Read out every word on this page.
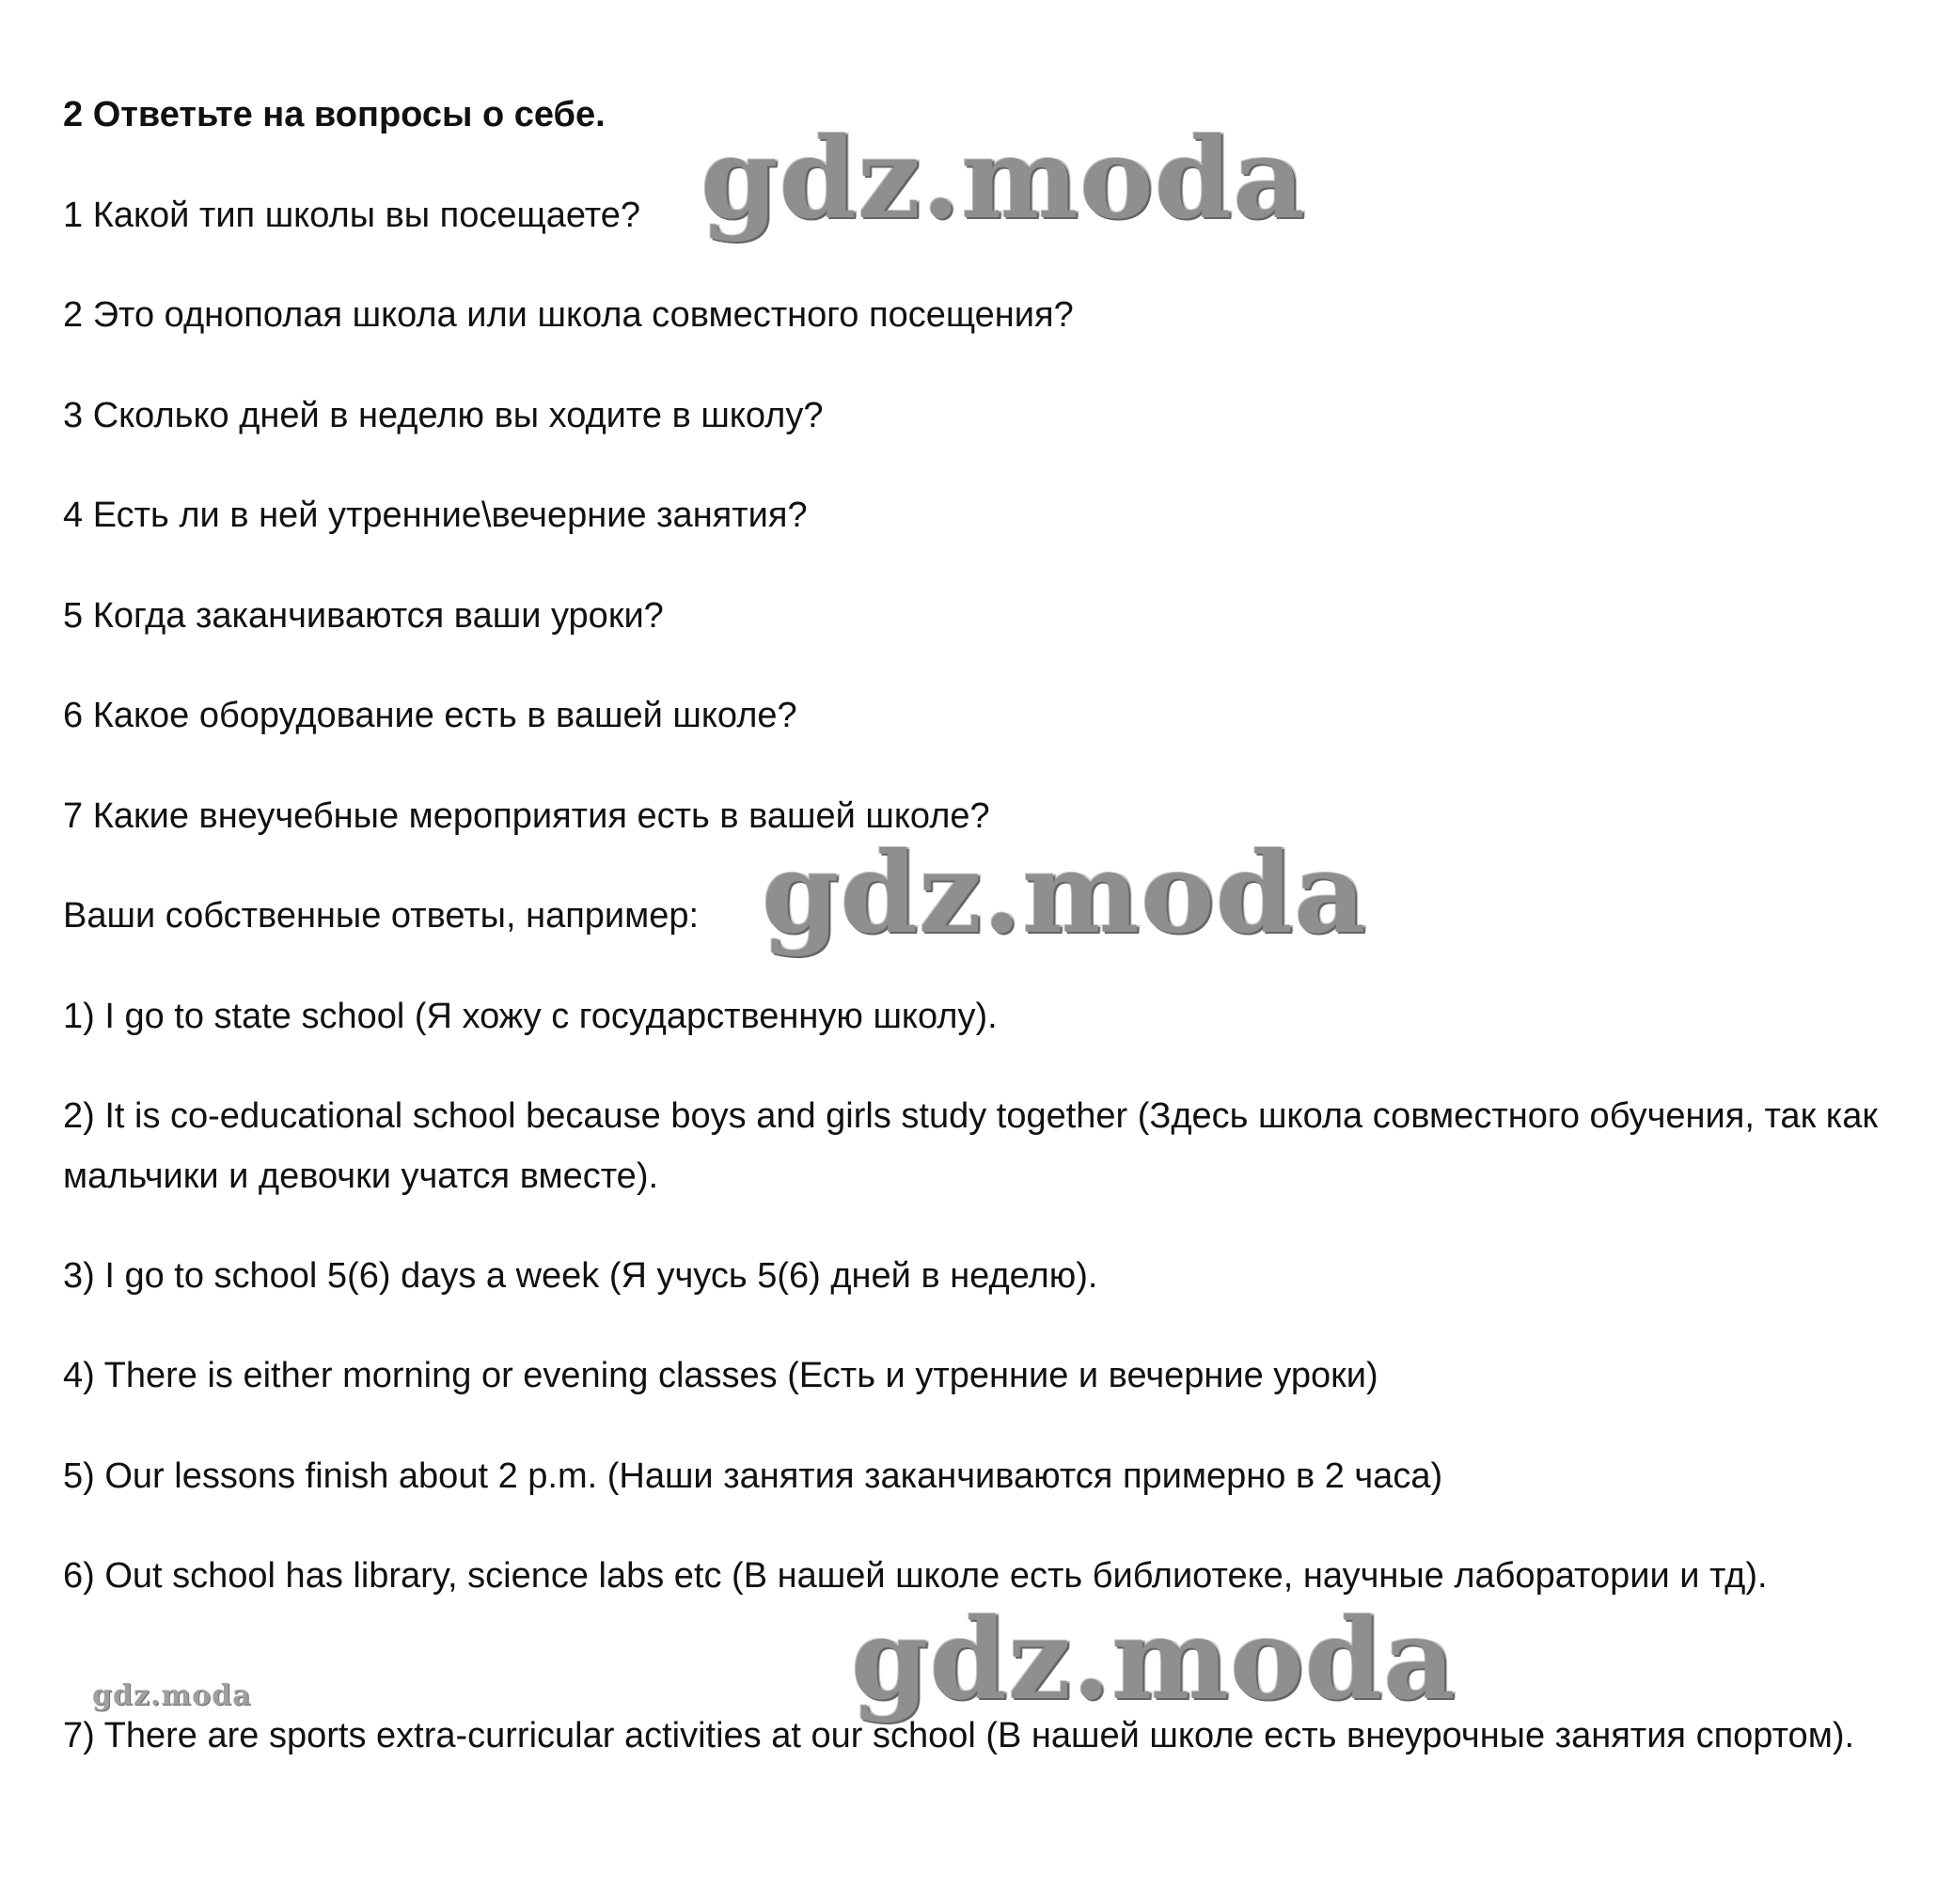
2 Ответьте на вопросы о себе.
1 Какой тип школы вы посещаете?
2 Это однополая школа или школа совместного посещения?
3 Сколько дней в неделю вы ходите в школу?
4 Есть ли в ней утренние\вечерние занятия?
5 Когда заканчиваются ваши уроки?
6 Какое оборудование есть в вашей школе?
7 Какие внеучебные мероприятия есть в вашей школе?
Ваши собственные ответы, например:
1) I go to state school (Я хожу с государственную школу).
2) It is co-educational school because boys and girls study together (Здесь школа совместного обучения, так как мальчики и девочки учатся вместе).
3) I go to school 5(6) days a week (Я учусь 5(6) дней в неделю).
4) There is either morning or evening classes (Есть и утренние и вечерние уроки)
5) Our lessons finish about 2 p.m. (Наши занятия заканчиваются примерно в 2 часа)
6) Out school has library, science labs etc (В нашей школе есть библиотеке, научные лаборатории и тд).
7) There are sports extra-curricular activities at our school (В нашей школе есть внеурочные занятия спортом).
gdz.moda
gdz.moda
gdz.moda
gdz.moda
